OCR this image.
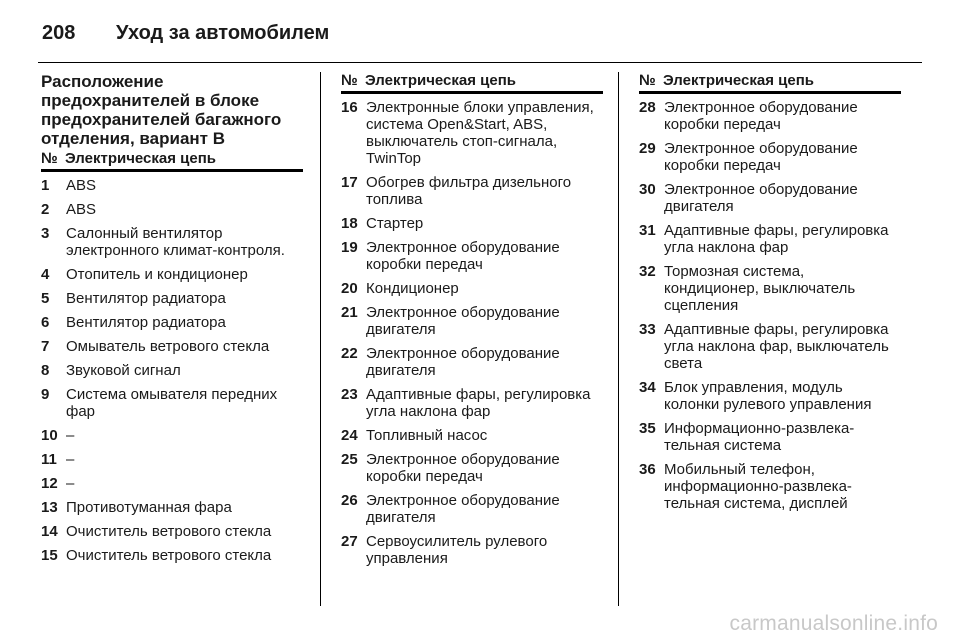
208 Уход за автомобилем
Расположение предохранителей в блоке предохранителей багажного отделения, вариант B
№ Электрическая цепь
1	ABS
2	ABS
3	Салонный вентилятор электронного климат-контроля.
4	Отопитель и кондиционер
5	Вентилятор радиатора
6	Вентилятор радиатора
7	Омыватель ветрового стекла
8	Звуковой сигнал
9	Система омывателя передних фар
10 –
11 –
12 –
13 Противотуманная фара
14 Очиститель ветрового стекла
15 Очиститель ветрового стекла
№ Электрическая цепь
16 Электронные блоки управления, система Open&Start, ABS, выключатель стоп-сигнала, TwinTop
17 Обогрев фильтра дизельного топлива
18 Стартер
19 Электронное оборудование коробки передач
20 Кондиционер
21 Электронное оборудование двигателя
22 Электронное оборудование двигателя
23 Адаптивные фары, регулировка угла наклона фар
24 Топливный насос
25 Электронное оборудование коробки передач
26 Электронное оборудование двигателя
27 Сервоусилитель рулевого управления
№ Электрическая цепь
28 Электронное оборудование коробки передач
29 Электронное оборудование коробки передач
30 Электронное оборудование двигателя
31 Адаптивные фары, регулировка угла наклона фар
32 Тормозная система, кондиционер, выключатель сцепления
33 Адаптивные фары, регулировка угла наклона фар, выключатель света
34 Блок управления, модуль колонки рулевого управления
35 Информационно-развлека-тельная система
36 Мобильный телефон, информационно-развлека-тельная система, дисплей
carmanualsonline.info
